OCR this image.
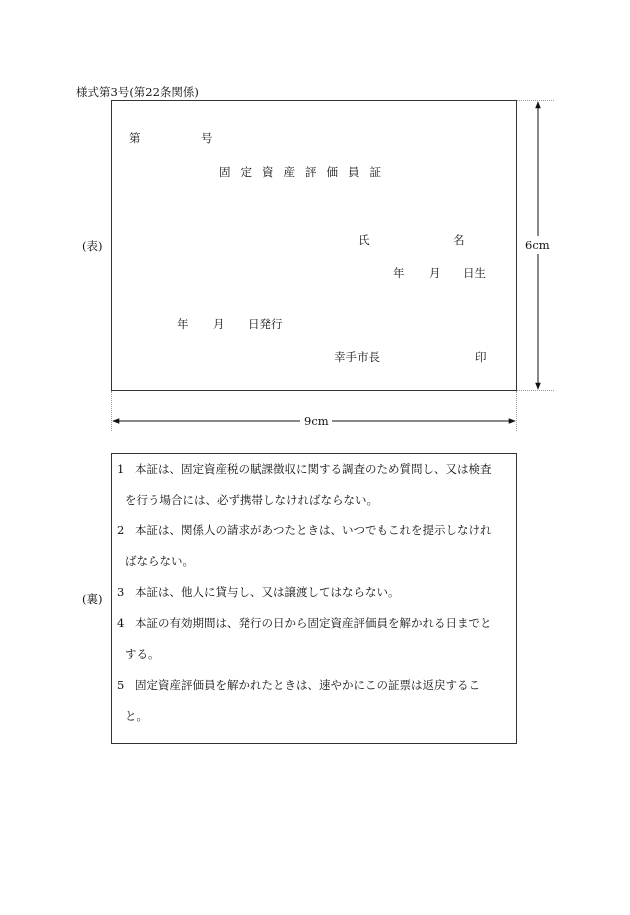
様式第3号(第22条関係)
(表)
第	号
固定資産評価員証
氏	名
年 月 日生
年 月 日発行
幸手市長	印
6cm
9cm
(裏)
1 本証は、固定資産税の賦課徴収に関する調査のため質問し、又は検査
を行う場合には、必ず携帯しなければならない。
2 本証は、関係人の請求があつたときは、いつでもこれを提示しなけれ
ばならない。
3 本証は、他人に貸与し、又は譲渡してはならない。
4 本証の有効期間は、発行の日から固定資産評価員を解かれる日までと
する。
5 固定資産評価員を解かれたときは、速やかにこの証票は返戻するこ
と。
